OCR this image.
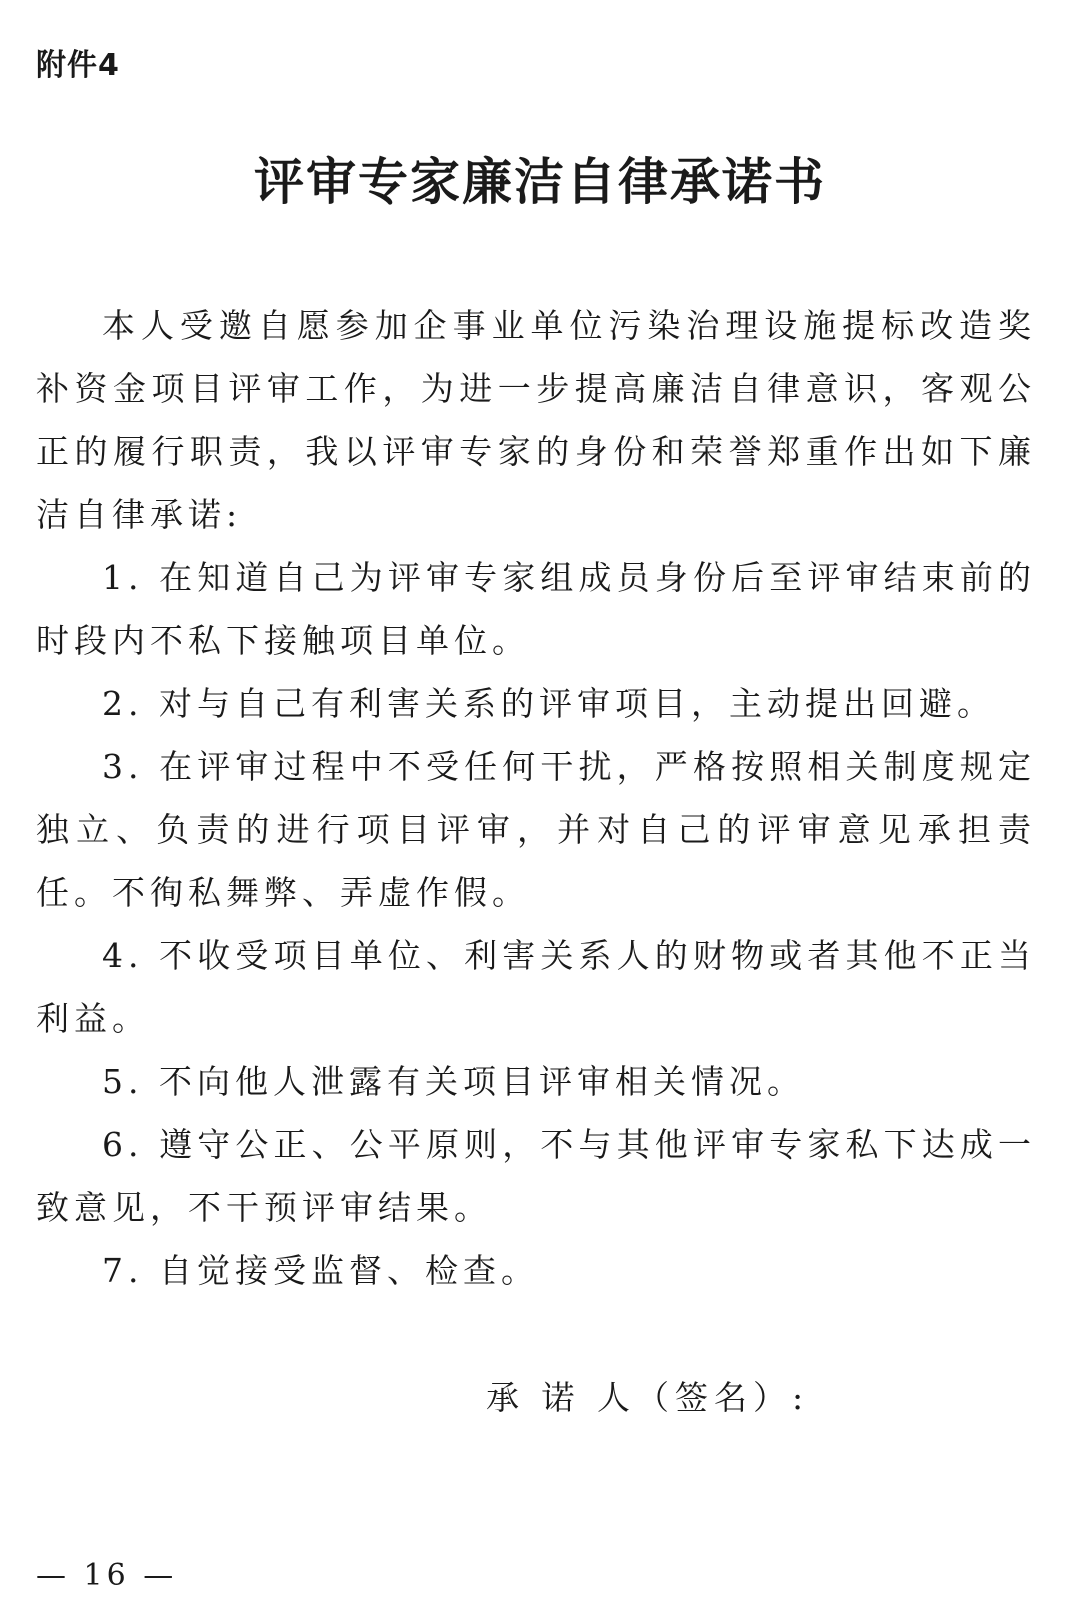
附件4
评审专家廉洁自律承诺书

本人受邀自愿参加企事业单位污染治理设施提标改造奖补资金项目评审工作，为进一步提高廉洁自律意识，客观公正的履行职责，我以评审专家的身份和荣誉郑重作出如下廉洁自律承诺:

1. 在知道自己为评审专家组成员身份后至评审结束前的时段内不私下接触项目单位。

2. 对与自己有利害关系的评审项目，主动提出回避。

3. 在评审过程中不受任何干扰，严格按照相关制度规定独立、负责的进行项目评审，并对自己的评审意见承担责任。不徇私舞弊、弄虚作假。

4. 不收受项目单位、利害关系人的财物或者其他不正当利益。

5. 不向他人泄露有关项目评审相关情况。

6. 遵守公正、公平原则，不与其他评审专家私下达成一致意见，不干预评审结果。

7. 自觉接受监督、检查。

承 诺 人（签名）:
— 16 —
